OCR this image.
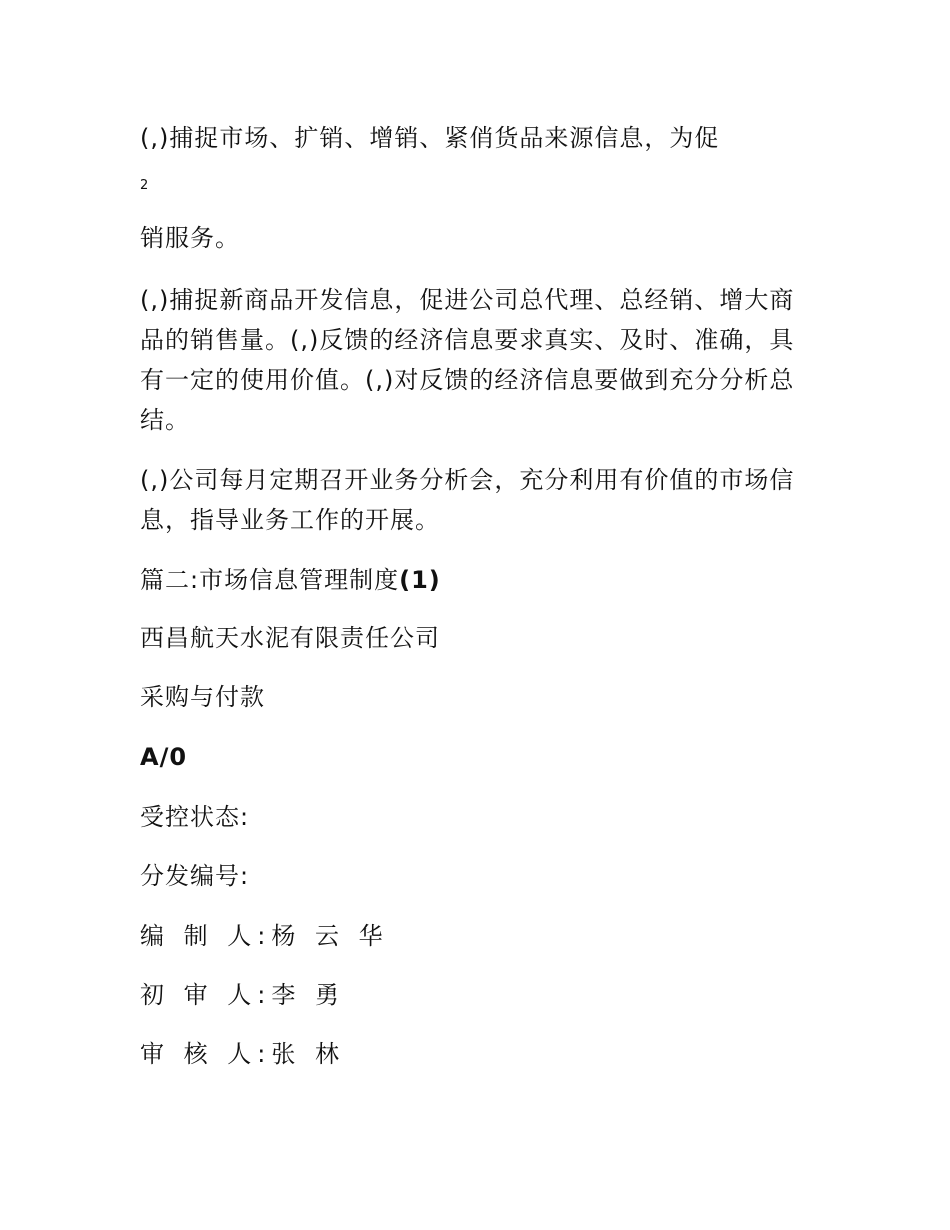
(,)捕捉市场、扩销、增销、紧俏货品来源信息，为促

2

销服务。

(,)捕捉新商品开发信息，促进公司总代理、总经销、增大商品的销售量。(,)反馈的经济信息要求真实、及时、准确，具有一定的使用价值。(,)对反馈的经济信息要做到充分分析总结。

(,)公司每月定期召开业务分析会，充分利用有价值的市场信息，指导业务工作的开展。

篇二:市场信息管理制度(1)

西昌航天水泥有限责任公司

采购与付款

A/0

受控状态:

分发编号:

编 制 人:杨 云 华

初 审 人:李 勇

审 核 人:张 林
